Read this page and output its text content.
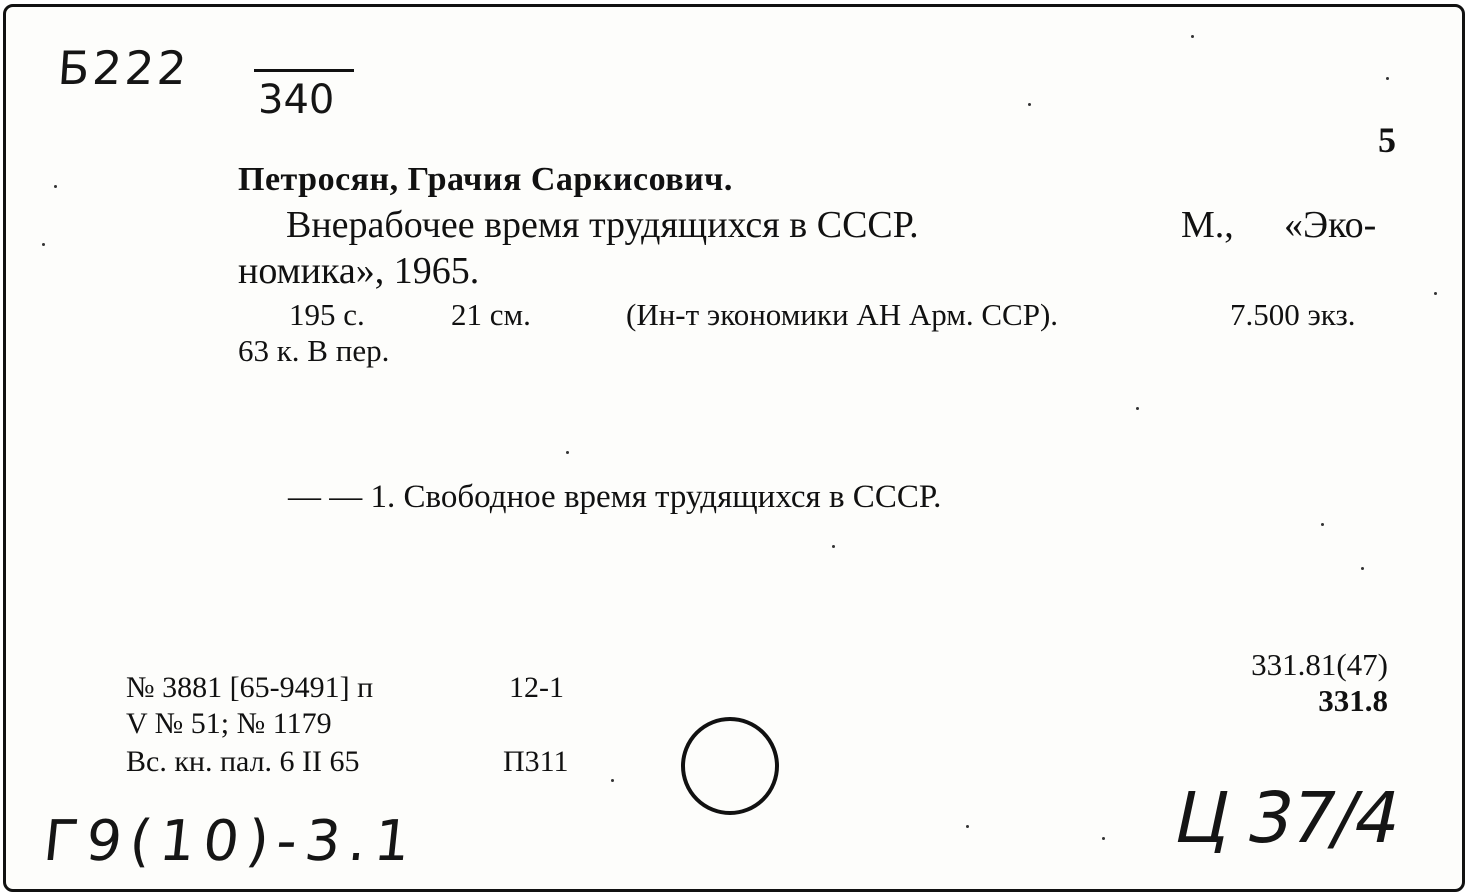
Б222
340
5
Петросян, Грачия Саркисович.
Внерабочее время трудящихся в СССР.	М., «Эко-
номика», 1965.
195 с.	21 см.	(Ин-т экономики АН Арм. ССР).	7.500 экз.
63 к. В пер.
— — 1. Свободное время трудящихся в СССР.
№ 3881 [65-9491] п	12-1
V № 51; № 1179
Вс. кн. пал. 6 II 65	П311
331.81(47)
331.8
Г9(10)-3.1	Ц 37/4
